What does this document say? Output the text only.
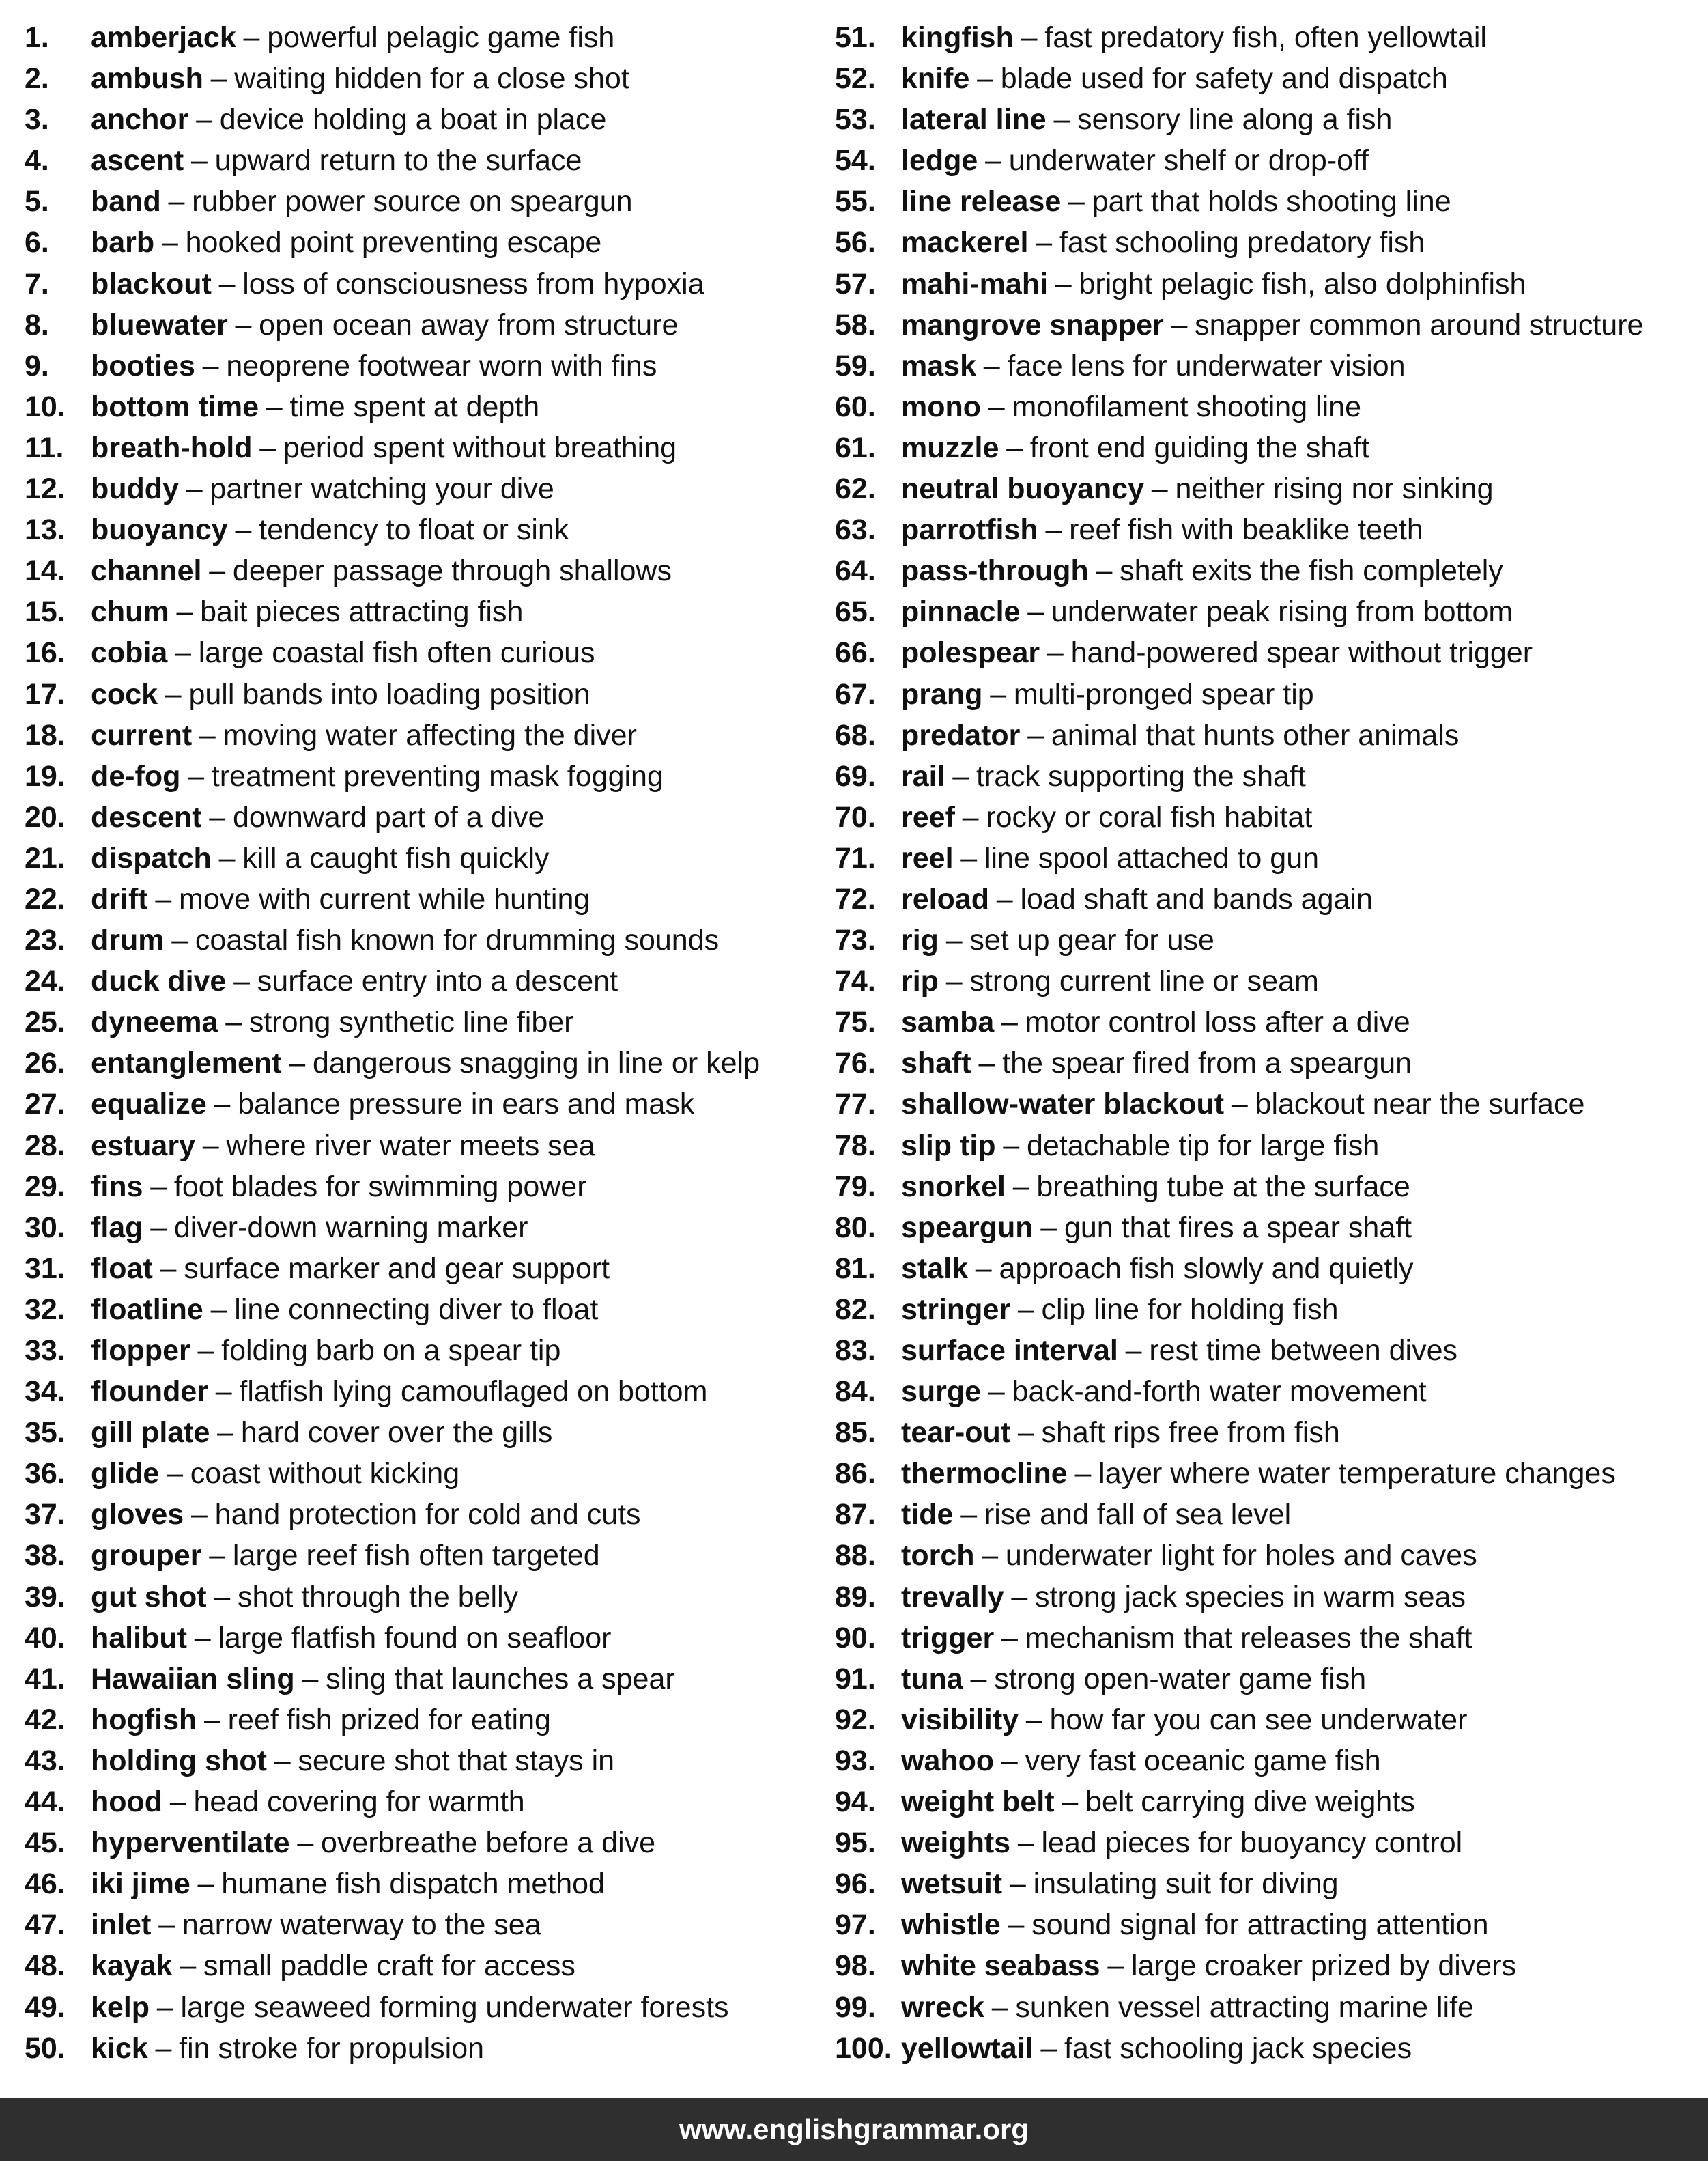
1.	amberjack – powerful pelagic game fish
2.	ambush – waiting hidden for a close shot
3.	anchor – device holding a boat in place
4.	ascent – upward return to the surface
5.	band – rubber power source on speargun
6.	barb – hooked point preventing escape
7.	blackout – loss of consciousness from hypoxia
8.	bluewater – open ocean away from structure
9.	booties – neoprene footwear worn with fins
10. bottom time – time spent at depth
11. breath-hold – period spent without breathing
12. buddy – partner watching your dive
13. buoyancy – tendency to float or sink
14. channel – deeper passage through shallows
15. chum – bait pieces attracting fish
16. cobia – large coastal fish often curious
17. cock – pull bands into loading position
18. current – moving water affecting the diver
19. de-fog – treatment preventing mask fogging
20. descent – downward part of a dive
21. dispatch – kill a caught fish quickly
22. drift – move with current while hunting
23. drum – coastal fish known for drumming sounds
24. duck dive – surface entry into a descent
25. dyneema – strong synthetic line fiber
26. entanglement – dangerous snagging in line or kelp
27. equalize – balance pressure in ears and mask
28. estuary – where river water meets sea
29. fins – foot blades for swimming power
30. flag – diver-down warning marker
31. float – surface marker and gear support
32. floatline – line connecting diver to float
33. flopper – folding barb on a spear tip
34. flounder – flatfish lying camouflaged on bottom
35. gill plate – hard cover over the gills
36. glide – coast without kicking
37. gloves – hand protection for cold and cuts
38. grouper – large reef fish often targeted
39. gut shot – shot through the belly
40. halibut – large flatfish found on seafloor
41. Hawaiian sling – sling that launches a spear
42. hogfish – reef fish prized for eating
43. holding shot – secure shot that stays in
44. hood – head covering for warmth
45. hyperventilate – overbreathe before a dive
46. iki jime – humane fish dispatch method
47. inlet – narrow waterway to the sea
48. kayak – small paddle craft for access
49. kelp – large seaweed forming underwater forests
50. kick – fin stroke for propulsion
51. kingfish – fast predatory fish, often yellowtail
52. knife – blade used for safety and dispatch
53. lateral line – sensory line along a fish
54. ledge – underwater shelf or drop-off
55. line release – part that holds shooting line
56. mackerel – fast schooling predatory fish
57. mahi-mahi – bright pelagic fish, also dolphinfish
58. mangrove snapper – snapper common around structure
59. mask – face lens for underwater vision
60. mono – monofilament shooting line
61. muzzle – front end guiding the shaft
62. neutral buoyancy – neither rising nor sinking
63. parrotfish – reef fish with beaklike teeth
64. pass-through – shaft exits the fish completely
65. pinnacle – underwater peak rising from bottom
66. polespear – hand-powered spear without trigger
67. prang – multi-pronged spear tip
68. predator – animal that hunts other animals
69. rail – track supporting the shaft
70. reef – rocky or coral fish habitat
71. reel – line spool attached to gun
72. reload – load shaft and bands again
73. rig – set up gear for use
74. rip – strong current line or seam
75. samba – motor control loss after a dive
76. shaft – the spear fired from a speargun
77. shallow-water blackout – blackout near the surface
78. slip tip – detachable tip for large fish
79. snorkel – breathing tube at the surface
80. speargun – gun that fires a spear shaft
81. stalk – approach fish slowly and quietly
82. stringer – clip line for holding fish
83. surface interval – rest time between dives
84. surge – back-and-forth water movement
85. tear-out – shaft rips free from fish
86. thermocline – layer where water temperature changes
87. tide – rise and fall of sea level
88. torch – underwater light for holes and caves
89. trevally – strong jack species in warm seas
90. trigger – mechanism that releases the shaft
91. tuna – strong open-water game fish
92. visibility – how far you can see underwater
93. wahoo – very fast oceanic game fish
94. weight belt – belt carrying dive weights
95. weights – lead pieces for buoyancy control
96. wetsuit – insulating suit for diving
97. whistle – sound signal for attracting attention
98. white seabass – large croaker prized by divers
99. wreck – sunken vessel attracting marine life
100. yellowtail – fast schooling jack species
www.englishgrammar.org
